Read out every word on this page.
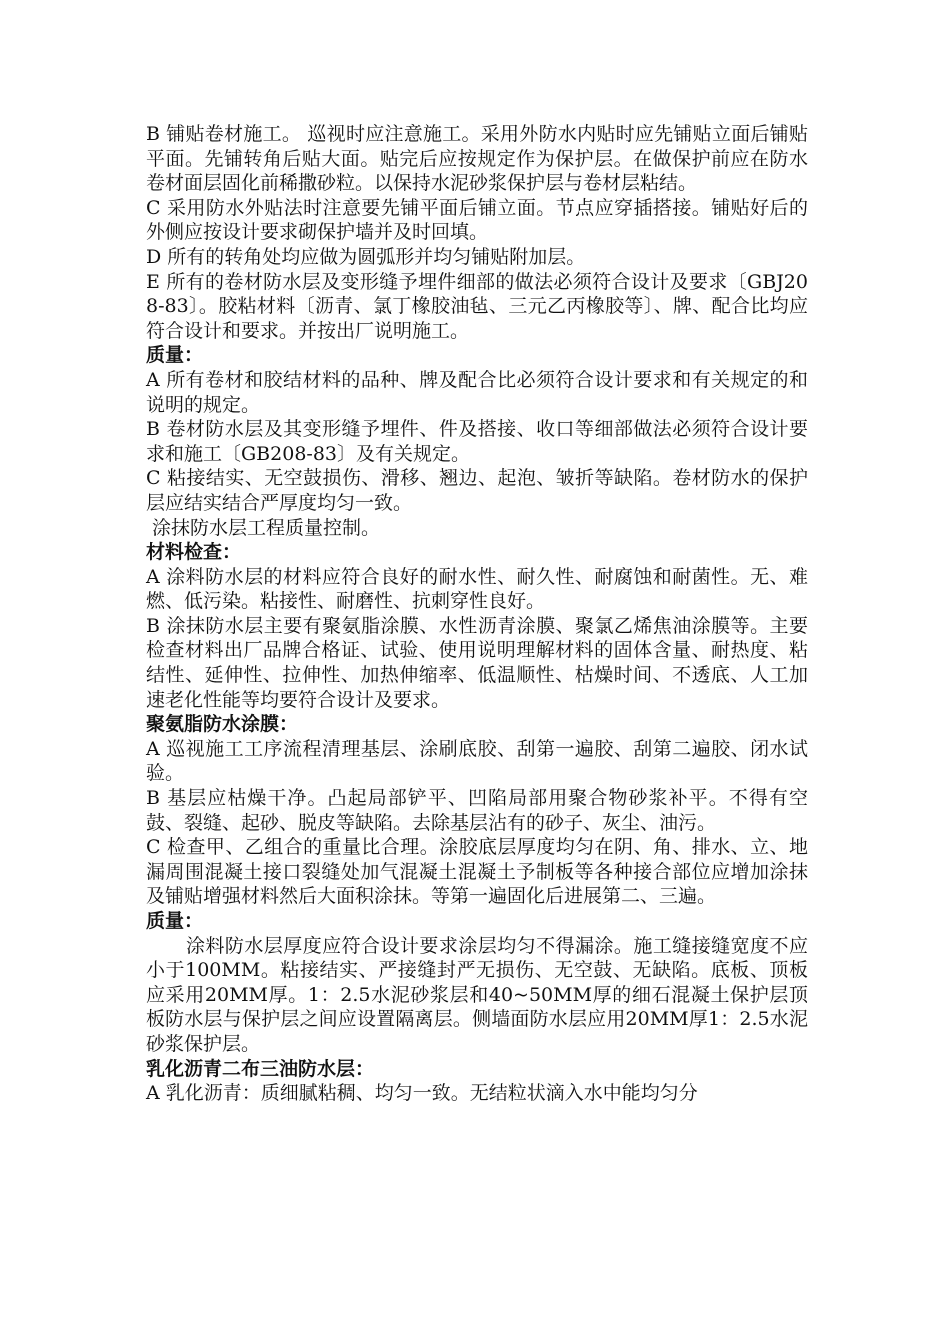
B 铺贴卷材施工。 巡视时应注意施工。采用外防水内贴时应先铺贴立面后铺贴平面。先铺转角后贴大面。贴完后应按规定作为保护层。在做保护前应在防水卷材面层固化前稀撒砂粒。以保持水泥砂浆保护层与卷材层粘结。

C 采用防水外贴法时注意要先铺平面后铺立面。节点应穿插搭接。铺贴好后的外侧应按设计要求砌保护墙并及时回填。

D 所有的转角处均应做为圆弧形并均匀铺贴附加层。

E 所有的卷材防水层及变形缝予埋件细部的做法必须符合设计及要求〔GBJ208-83〕。胶粘材料〔沥青、氯丁橡胶油毡、三元乙丙橡胶等〕、牌、配合比均应符合设计和要求。并按出厂说明施工。

质量：

A 所有卷材和胶结材料的品种、牌及配合比必须符合设计要求和有关规定的和说明的规定。

B 卷材防水层及其变形缝予埋件、件及搭接、收口等细部做法必须符合设计要求和施工〔GB208-83〕及有关规定。

C 粘接结实、无空鼓损伤、滑移、翘边、起泡、皱折等缺陷。卷材防水的保护层应结实结合严厚度均匀一致。

涂抹防水层工程质量控制。

材料检查：

A 涂料防水层的材料应符合良好的耐水性、耐久性、耐腐蚀和耐菌性。无、难燃、低污染。粘接性、耐磨性、抗刺穿性良好。

B 涂抹防水层主要有聚氨脂涂膜、水性沥青涂膜、聚氯乙烯焦油涂膜等。主要检查材料出厂品牌合格证、试验、使用说明理解材料的固体含量、耐热度、粘结性、延伸性、拉伸性、加热伸缩率、低温顺性、枯燥时间、不透底、人工加速老化性能等均要符合设计及要求。

聚氨脂防水涂膜：

A 巡视施工工序流程清理基层、涂刷底胶、刮第一遍胶、刮第二遍胶、闭水试验。

B 基层应枯燥干净。凸起局部铲平、凹陷局部用聚合物砂浆补平。不得有空鼓、裂缝、起砂、脱皮等缺陷。去除基层沾有的砂子、灰尘、油污。

C 检查甲、乙组合的重量比合理。涂胶底层厚度均匀在阴、角、排水、立、地漏周围混凝土接口裂缝处加气混凝土混凝土予制板等各种接合部位应增加涂抹及铺贴增强材料然后大面积涂抹。等第一遍固化后进展第二、三遍。

质量：

涂料防水层厚度应符合设计要求涂层均匀不得漏涂。施工缝接缝宽度不应小于100MM。粘接结实、严接缝封严无损伤、无空鼓、无缺陷。底板、顶板应采用20MM厚。1：2.5水泥砂浆层和40~50MM厚的细石混凝土保护层顶板防水层与保护层之间应设置隔离层。侧墙面防水层应用20MM厚1：2.5水泥砂浆保护层。

乳化沥青二布三油防水层：

A 乳化沥青：质细腻粘稠、均匀一致。无结粒状滴入水中能均匀分
